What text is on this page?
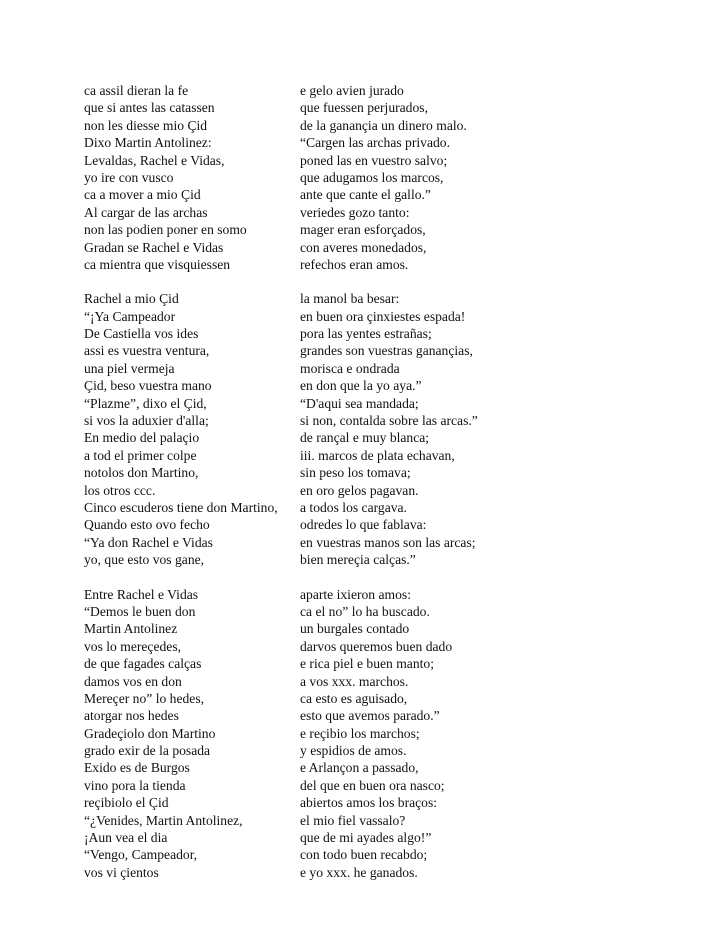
ca assil dieran la fe	e gelo avien jurado
que si antes las catassen	que fuessen perjurados,
non les diesse mio Çid	de la ganançia un dinero malo.
Dixo Martin Antolinez:	“Cargen las archas privado.
Levaldas, Rachel e Vidas,	poned las en vuestro salvo;
yo ire con vusco	que adugamos los marcos,
ca a mover a mio Çid	ante que cante el gallo.”
Al cargar de las archas	veriedes gozo tanto:
non las podien poner en somo	mager eran esforçados,
Gradan se Rachel e Vidas	con averes monedados,
ca mientra que visquiessen	refechos eran amos.
Rachel a mio Çid	la manol ba besar:
“¡Ya Campeador	en buen ora çinxiestes espada!
De Castiella vos ides	pora las yentes estrañas;
assi es vuestra ventura,	grandes son vuestras ganançias,
una piel vermeja	morisca e ondrada
Çid, beso vuestra mano	en don que la yo aya.”
“Plazme”, dixo el Çid,	“D'aqui sea mandada;
si vos la aduxier d'alla;	si non, contalda sobre las arcas.”
En medio del palaçio	de rançal e muy blanca;
a tod el primer colpe	iii. marcos de plata echavan,
notolos don Martino,	sin peso los tomava;
los otros ccc.	en oro gelos pagavan.
Cinco escuderos tiene don Martino,	a todos los cargava.
Quando esto ovo fecho	odredes lo que fablava:
“Ya don Rachel e Vidas	en vuestras manos son las arcas;
yo, que esto vos gane,	bien mereçia calças.”
Entre Rachel e Vidas	aparte ixieron amos:
“Demos le buen don	ca el no” lo ha buscado.
Martin Antolinez	un burgales contado
vos lo mereçedes,	darvos queremos buen dado
de que fagades calças	e rica piel e buen manto;
damos vos en don	a vos xxx. marchos.
Mereçer no” lo hedes,	ca esto es aguisado,
atorgar nos hedes	esto que avemos parado.”
Gradeçiolo don Martino	e reçibio los marchos;
grado exir de la posada	y espidios de amos.
Exido es de Burgos	e Arlançon a passado,
vino pora la tienda	del que en buen ora nasco;
reçibiolo el Çid	abiertos amos los braços:
“¿Venides, Martin Antolinez,	el mio fiel vassalo?
¡Aun vea el dia	que de mi ayades algo!”
“Vengo, Campeador,	con todo buen recabdo;
vos vi çientos	e yo xxx. he ganados.
